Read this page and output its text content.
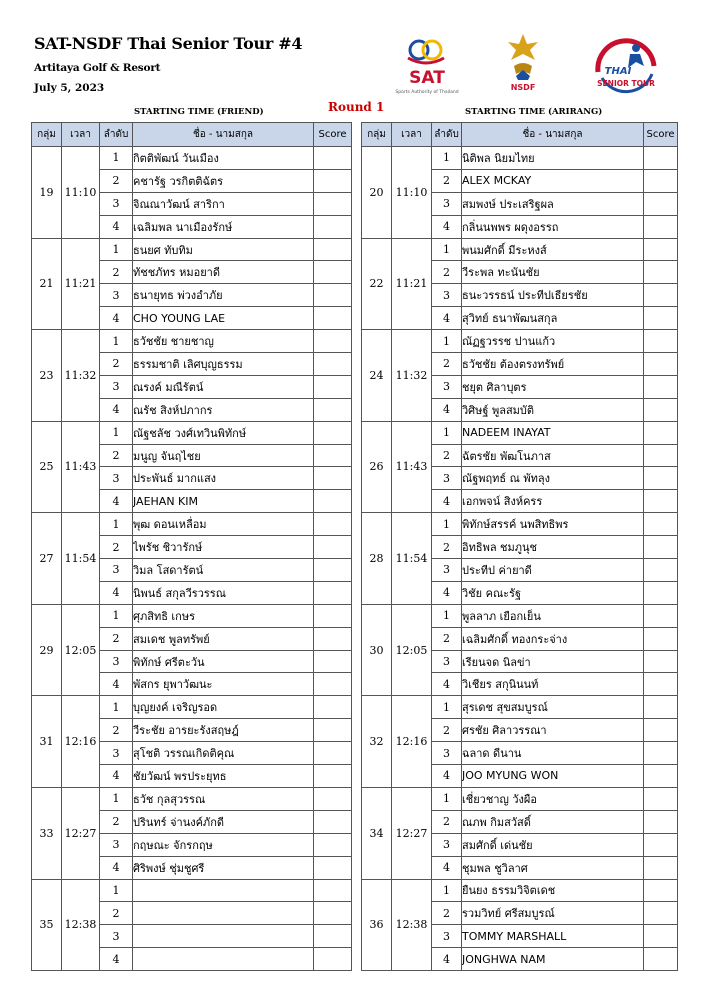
SAT-NSDF Thai Senior Tour #4
Artitaya Golf & Resort
July 5, 2023
Round 1
STARTING TIME (FRIEND)	STARTING TIME (ARIRANG)
SAT
Sports Authority of Thailand
NSDF
THAI
SENIOR TOUR
กลุ่ม	เวลา	ลำดับ	ชื่อ - นามสกุล	Score
19	11:10	1	กิตติพัฒน์ วันเมือง	
		2	คชารัฐ วรกิตติฉัตร	
		3	จิณณาวัฒน์ สาริกา	
		4	เฉลิมพล นาเมืองรักษ์	
21	11:21	1	ธนยศ ทับทิม	
		2	ทัชชภัทร หมอยาดี	
		3	ธนายุทธ พ่วงอำภัย	
		4	CHO YOUNG LAE	
23	11:32	1	ธวัชชัย ชายชาญ	
		2	ธรรมชาติ เลิศบุญธรรม	
		3	ณรงค์ มณีรัตน์	
		4	ณรัช สิงห์ปภากร	
25	11:43	1	ณัฐชลัช วงศ์เทวินพิทักษ์	
		2	มนูญ จันฤไชย	
		3	ประพันธ์ มากแสง	
		4	JAEHAN KIM	
27	11:54	1	พุฒ ดอนเหลื่อม	
		2	ไพรัช ชิวารักษ์	
		3	วิมล โสดารัตน์	
		4	นิพนธ์ สกุลวีรวรรณ	
29	12:05	1	ศุภสิทธิ เกษร	
		2	สมเดช พูลทรัพย์	
		3	พิทักษ์ ศรีตะวัน	
		4	พัสกร ยุพาวัฒนะ	
31	12:16	1	บุญยงค์ เจริญรอด	
		2	วีระชัย อารยะรังสฤษฎ์	
		3	สุโชติ วรรณเกิดติคุณ	
		4	ชัยวัฒน์ พรประยุทธ	
33	12:27	1	ธวัช กุลสุวรรณ	
		2	ปรินทร์ จ่านงค์ภักดี	
		3	กฤษณะ จักรกฤษ	
		4	ศิริพงษ์ ชุ่มชูศรี	
35	12:38	1		
		2		
		3		
		4		
กลุ่ม	เวลา	ลำดับ	ชื่อ - นามสกุล	Score
20	11:10	1	นิติพล นิยมไทย	
		2	ALEX MCKAY	
		3	สมพงษ์ ประเสริฐผล	
		4	กลิ่นนพพร ผดุงอรรถ	
22	11:21	1	พนมศักดิ์ มีระหงส์	
		2	วีระพล ทะนันชัย	
		3	ธนะวรรธน์ ประทีปเธียรชัย	
		4	สุวิทย์ ธนาพัฒนสกุล	
24	11:32	1	ณัฏฐวรรช ปานแก้ว	
		2	ธวัชชัย ต้องตรงทรัพย์	
		3	ชยุต ศิลาบุตร	
		4	วิศิษฐ์ พูลสมบัติ	
26	11:43	1	NADEEM INAYAT	
		2	ฉัตรชัย พัฒโนภาส	
		3	ณัฐพฤทธ์ ณ พัทลุง	
		4	เอกพจน์ สิงห์ครร	
28	11:54	1	พิทักษ์สรรค์ นพสิทธิพร	
		2	อิทธิพล ชมภูนุช	
		3	ประทีป ค่ายาดี	
		4	วิชัย คณะรัฐ	
30	12:05	1	พูลลาภ เยือกเย็น	
		2	เฉลิมศักดิ์ ทองกระจ่าง	
		3	เรียนจด นิลข่า	
		4	วิเชียร สกุนินนท์	
32	12:16	1	สุรเดช สุขสมบูรณ์	
		2	ศรชัย ศิลาวรรณา	
		3	ฉลาด ดีนาน	
		4	JOO MYUNG WON	
34	12:27	1	เชี่ยวชาญ วังผือ	
		2	ณภพ กิมสวัสดิ์	
		3	สมศักดิ์ เด่นชัย	
		4	ชุมพล ชูวิลาศ	
36	12:38	1	ยืนยง ธรรมวิจิตเดช	
		2	รวมวิทย์ ศรีสมบูรณ์	
		3	TOMMY MARSHALL	
		4	JONGHWA NAM	
